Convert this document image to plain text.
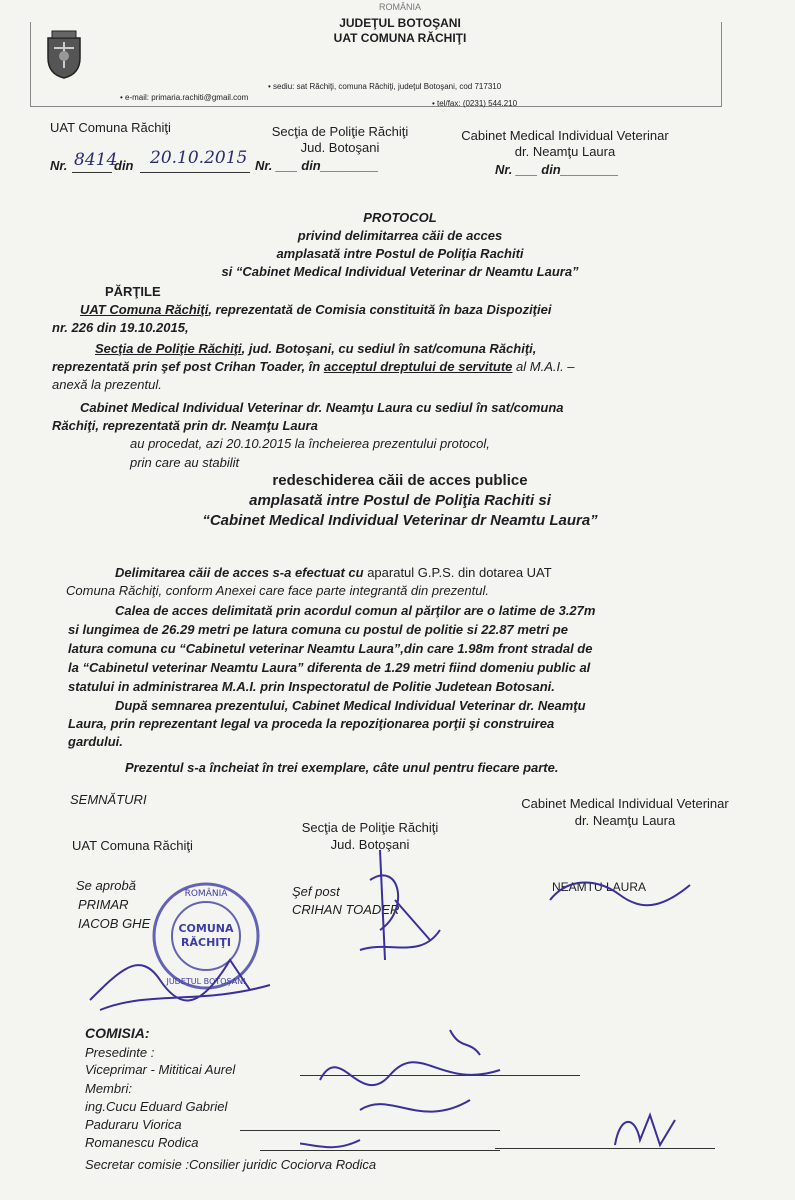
ROMÂNIA
JUDEŢUL BOTOŞANI
UAT COMUNA RĂCHIŢI
• sediu: sat Răchiţi, comuna Răchiţi, judeţul Botoşani, cod 717310
• e-mail: primaria.rachiti@gmail.com
• tel/fax: (0231) 544.210
UAT Comuna Răchiţi	Secţia de Poliţie Răchiţi
Jud. Botoşani
Cabinet Medical Individual Veterinar
dr. Neamţu Laura
Nr. 8414
din 20.10.2015 Nr. ___ din________	Nr. ___ din________
PROTOCOL
privind delimitarrea căii de acces
amplasată intre Postul de Poliţia Rachiti
si “Cabinet Medical Individual Veterinar dr Neamtu Laura”
PĂRŢILE
UAT Comuna Răchiţi, reprezentată de Comisia constituită în baza Dispoziţiei
nr. 226 din 19.10.2015,
Secţia de Poliţie Răchiţi, jud. Botoşani, cu sediul în sat/comuna Răchiţi,
reprezentată prin şef post Crihan Toader, în acceptul dreptului de servitute al M.A.I. –
anexă la prezentul.
Cabinet Medical Individual Veterinar dr. Neamţu Laura cu sediul în sat/comuna
Răchiţi, reprezentată prin dr. Neamţu Laura
au procedat, azi 20.10.2015 la încheierea prezentului protocol,
prin care au stabilit
redeschiderea căii de acces publice
amplasată intre Postul de Poliţia Rachiti si
“Cabinet Medical Individual Veterinar dr Neamtu Laura”
Delimitarea căii de acces s-a efectuat cu aparatul G.P.S. din dotarea UAT
Comuna Răchiţi, conform Anexei care face parte integrantă din prezentul.
Calea de acces delimitată prin acordul comun al părţilor are o latime de 3.27m
si lungimea de 26.29 metri pe latura comuna cu postul de politie si 22.87 metri pe
latura comuna cu “Cabinetul veterinar Neamtu Laura”,din care 1.98m front stradal de
la “Cabinetul veterinar Neamtu Laura” diferenta de 1.29 metri fiind domeniu public al
statului in administrarea M.A.I. prin Inspectoratul de Politie Judetean Botosani.
După semnarea prezentului, Cabinet Medical Individual Veterinar dr. Neamţu
Laura, prin reprezentant legal va proceda la repoziţionarea porţii şi construirea
gardului.
Prezentul s-a încheiat în trei exemplare, câte unul pentru fiecare parte.
SEMNĂTURI
UAT Comuna Răchiţi
Secţia de Poliţie Răchiţi
Jud. Botoşani
Cabinet Medical Individual Veterinar
dr. Neamţu Laura
Se aprobă
PRIMAR
IACOB GHE
Şef post
CRIHAN TOADER
NEAMTU LAURA
COMUNA
RĂCHIŢI
ROMÂNIA
JUDEŢUL BOTOŞANI
COMISIA:
Presedinte :
Viceprimar - Mititicai Aurel
Membri:
ing.Cucu Eduard Gabriel
Paduraru Viorica
Romanescu Rodica
Secretar comisie :Consilier juridic Cociorva Rodica
